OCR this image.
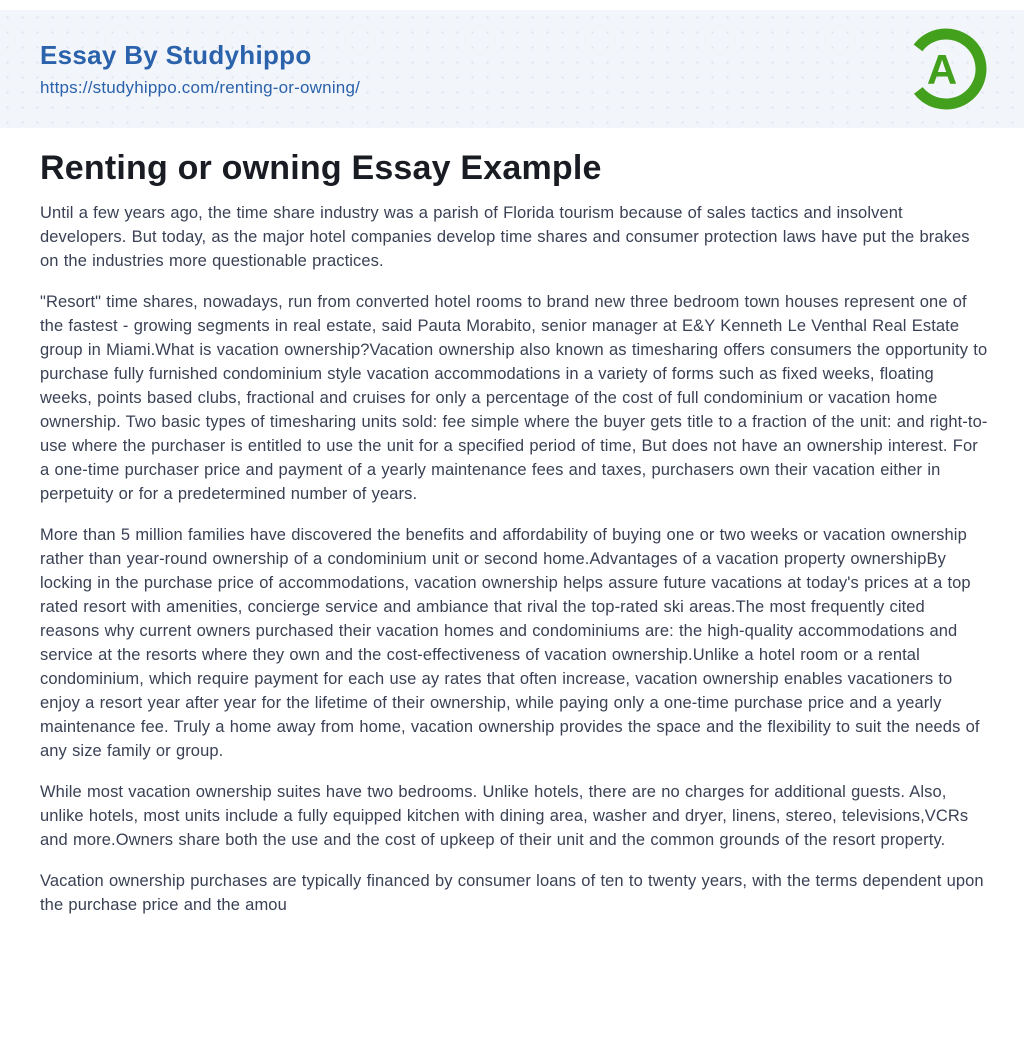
Essay By Studyhippo
https://studyhippo.com/renting-or-owning/	A
Renting or owning Essay Example

Until a few years ago, the time share industry was a parish of Florida tourism because of sales tactics and insolvent developers. But today, as the major hotel companies develop time shares and consumer protection laws have put the brakes on the industries more questionable practices.

"Resort" time shares, nowadays, run from converted hotel rooms to brand new three bedroom town houses represent one of the fastest - growing segments in real estate, said Pauta Morabito, senior manager at E&Y Kenneth Le Venthal Real Estate group in Miami.What is vacation ownership?Vacation ownership also known as timesharing offers consumers the opportunity to purchase fully furnished condominium style vacation accommodations in a variety of forms such as fixed weeks, floating weeks, points based clubs, fractional and cruises for only a percentage of the cost of full condominium or vacation home ownership. Two basic types of timesharing units sold: fee simple where the buyer gets title to a fraction of the unit: and right-to-use where the purchaser is entitled to use the unit for a specified period of time, But does not have an ownership interest. For a one-time purchaser price and payment of a yearly maintenance fees and taxes, purchasers own their vacation either in perpetuity or for a predetermined number of years.

More than 5 million families have discovered the benefits and affordability of buying one or two weeks or vacation ownership rather than year-round ownership of a condominium unit or second home.Advantages of a vacation property ownershipBy locking in the purchase price of accommodations, vacation ownership helps assure future vacations at today's prices at a top rated resort with amenities, concierge service and ambiance that rival the top-rated ski areas.The most frequently cited reasons why current owners purchased their vacation homes and condominiums are: the high-quality accommodations and service at the resorts where they own and the cost-effectiveness of vacation ownership.Unlike a hotel room or a rental condominium, which require payment for each use ay rates that often increase, vacation ownership enables vacationers to enjoy a resort year after year for the lifetime of their ownership, while paying only a one-time purchase price and a yearly maintenance fee. Truly a home away from home, vacation ownership provides the space and the flexibility to suit the needs of any size family or group.

While most vacation ownership suites have two bedrooms. Unlike hotels, there are no charges for additional guests. Also, unlike hotels, most units include a fully equipped kitchen with dining area, washer and dryer, linens, stereo, televisions,VCRs and more.Owners share both the use and the cost of upkeep of their unit and the common grounds of the resort property.

Vacation ownership purchases are typically financed by consumer loans of ten to twenty years, with the terms dependent upon the purchase price and the amou
